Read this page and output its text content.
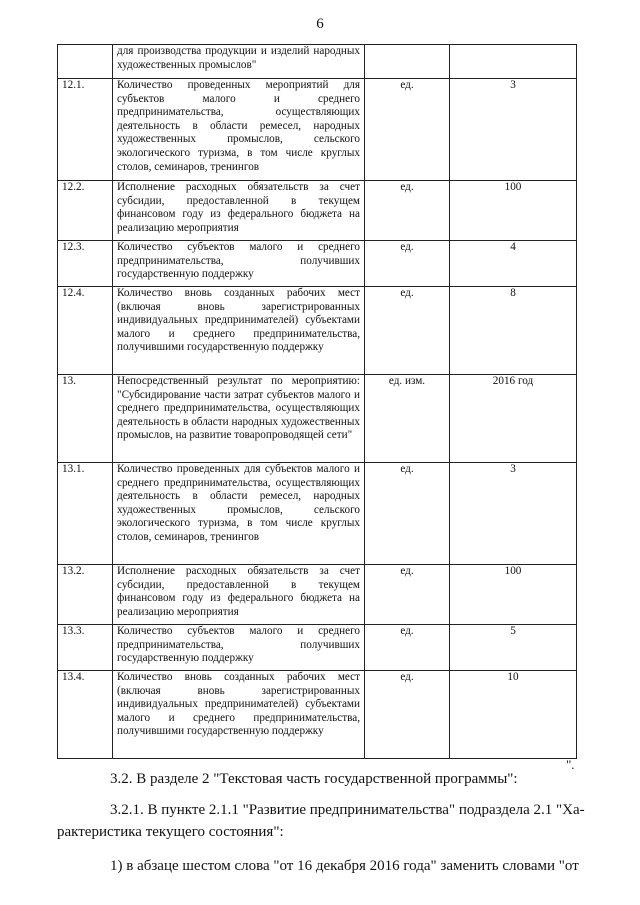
6
	для производства продукции и изделий народных художественных промыслов"		
12.1.	Количество проведенных мероприятий для субъектов малого и среднего предпринимательства, осуществляющих деятельность в области ремесел, народных художественных промыслов, сельского экологического туризма, в том числе круглых столов, семинаров, тренингов	ед.	3
12.2.	Исполнение расходных обязательств за счет субсидии, предоставленной в текущем финансовом году из федерального бюджета на реализацию мероприятия	ед.	100
12.3.	Количество субъектов малого и среднего предпринимательства, получивших государственную поддержку	ед.	4
12.4.	Количество вновь созданных рабочих мест (включая вновь зарегистрированных индивидуальных предпринимателей) субъектами малого и среднего предпринимательства, получившими государственную поддержку	ед.	8
13.	Непосредственный результат по мероприятию: "Субсидирование части затрат субъектов малого и среднего предпринимательства, осуществляющих деятельность в области народных художественных промыслов, на развитие товаропроводящей сети"	ед. изм.	2016 год
13.1.	Количество проведенных для субъектов малого и среднего предпринимательства, осуществляющих деятельность в области ремесел, народных художественных промыслов, сельского экологического туризма, в том числе круглых столов, семинаров, тренингов	ед.	3
13.2.	Исполнение расходных обязательств за счет субсидии, предоставленной в текущем финансовом году из федерального бюджета на реализацию мероприятия	ед.	100
13.3.	Количество субъектов малого и среднего предпринимательства, получивших государственную поддержку	ед.	5
13.4.	Количество вновь созданных рабочих мест (включая вновь зарегистрированных индивидуальных предпринимателей) субъектами малого и среднего предпринимательства, получившими государственную поддержку	ед.	10
".
3.2. В разделе 2 "Текстовая часть государственной программы":
3.2.1. В пункте 2.1.1 "Развитие предпринимательства" подраздела 2.1 "Ха-
рактеристика текущего состояния":
1) в абзаце шестом слова "от 16 декабря 2016 года" заменить словами "от
